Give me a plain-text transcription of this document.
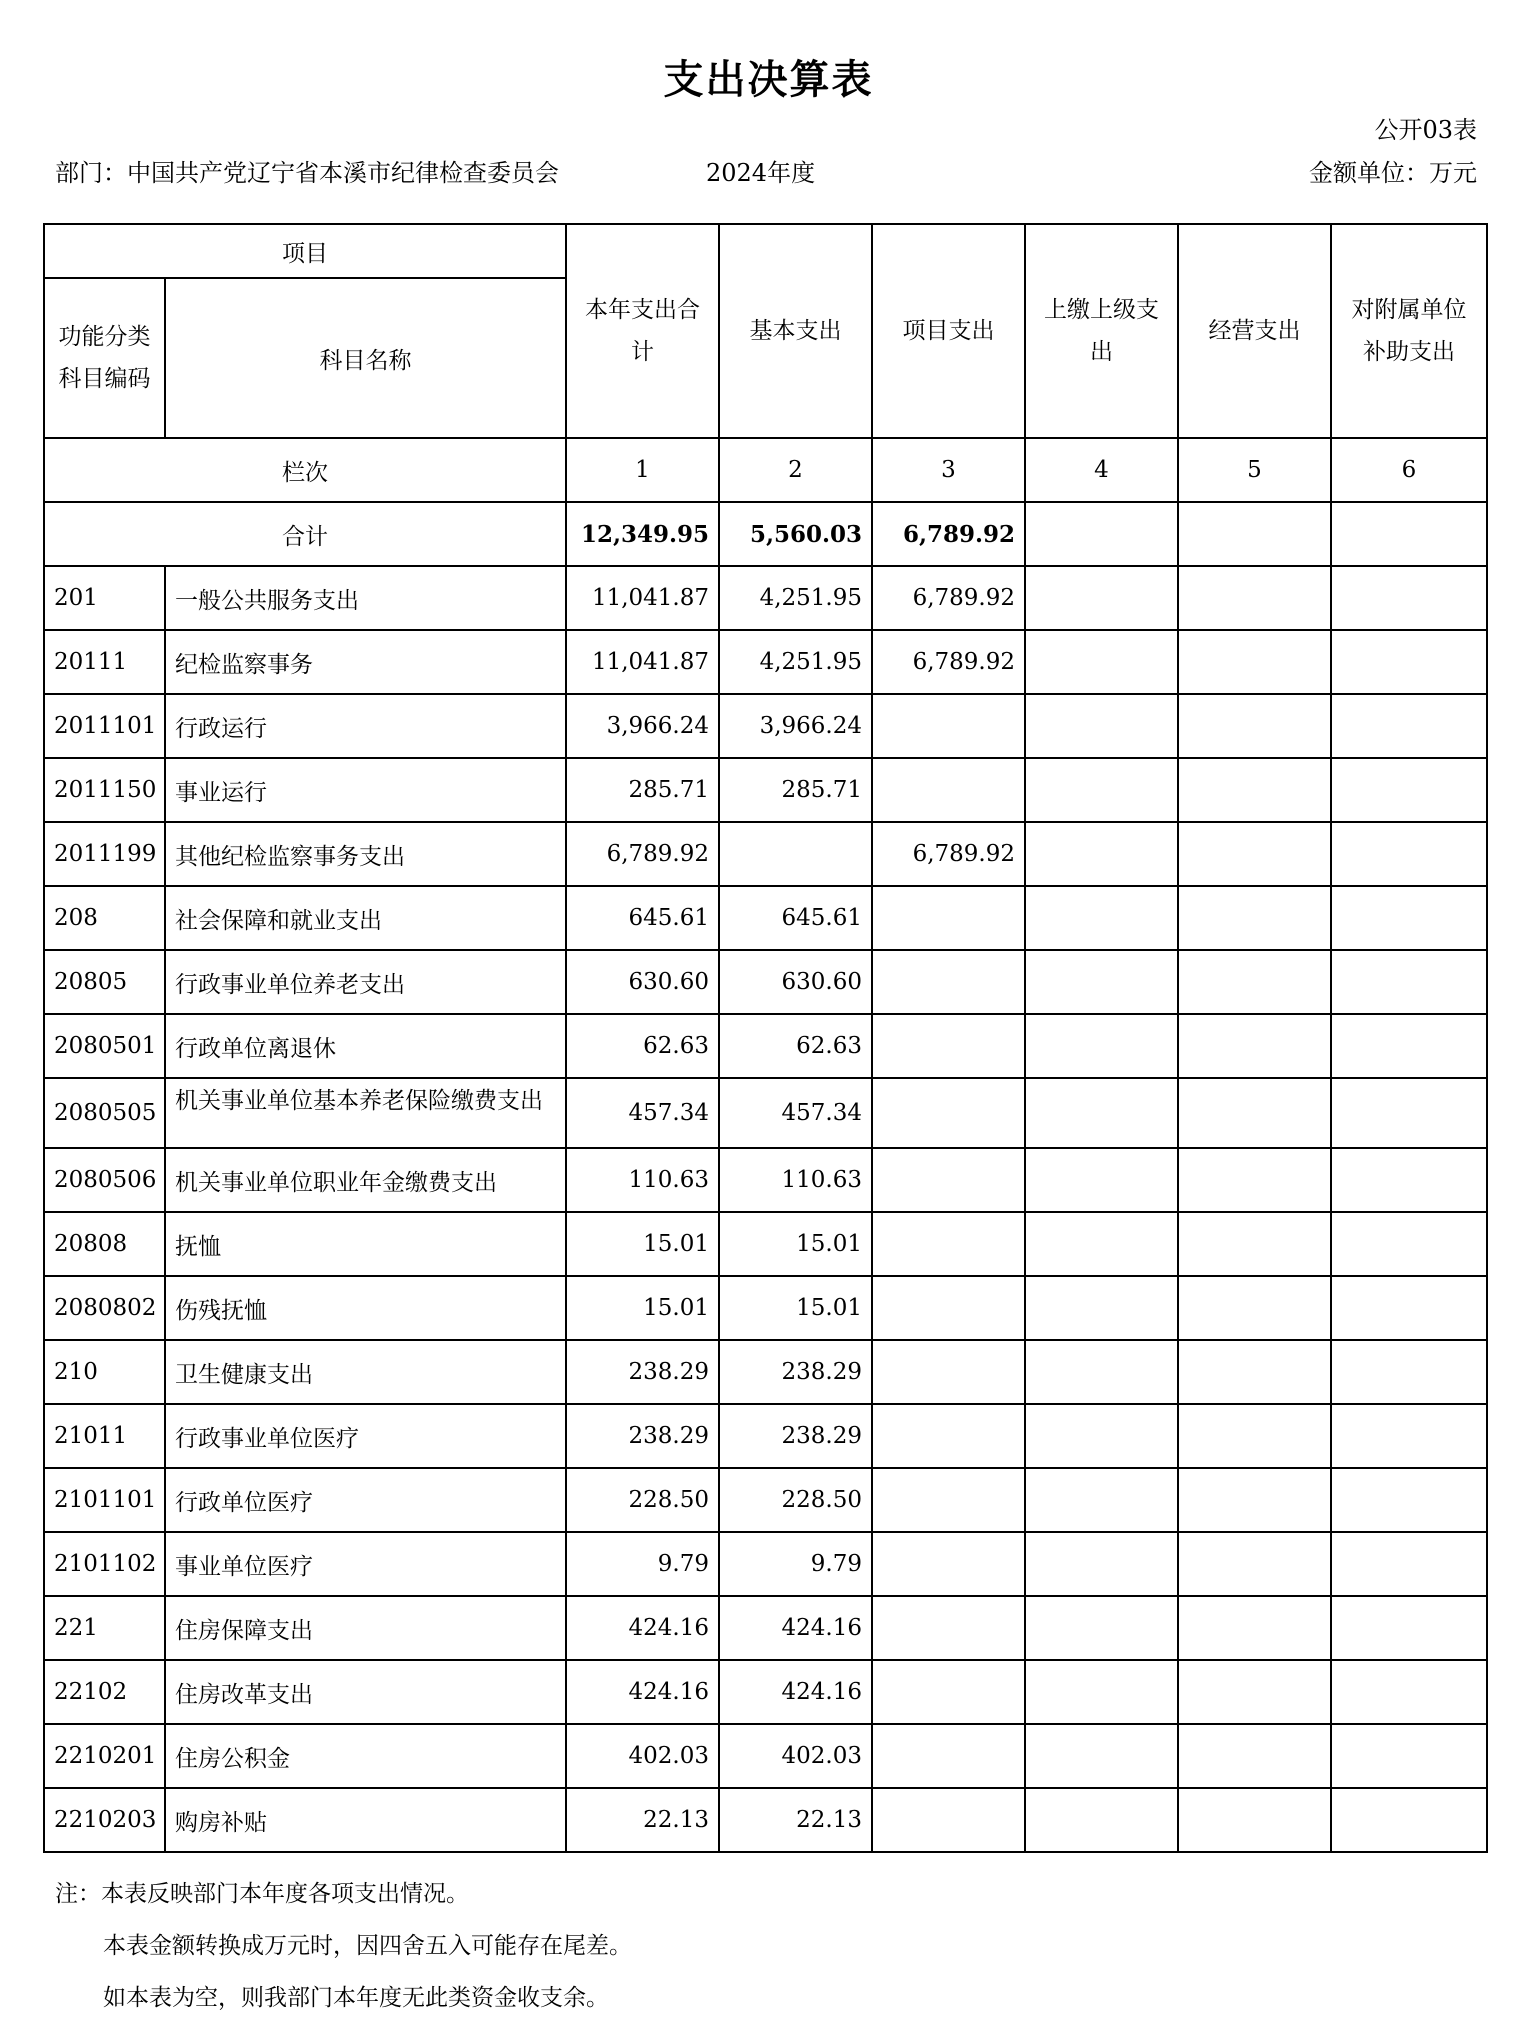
支出决算表
公开03表
部门：中国共产党辽宁省本溪市纪律检查委员会	2024年度	金额单位：万元
项目		本年支出合计	基本支出	项目支出	上缴上级支出	经营支出	对附属单位补助支出
功能分类科目编码	科目名称						
栏次		1	2	3	4	5	6
合计		12,349.95	5,560.03	6,789.92			
201	一般公共服务支出	11,041.87	4,251.95	6,789.92			
20111	纪检监察事务	11,041.87	4,251.95	6,789.92			
2011101	行政运行	3,966.24	3,966.24				
2011150	事业运行	285.71	285.71				
2011199	其他纪检监察事务支出	6,789.92		6,789.92			
208	社会保障和就业支出	645.61	645.61				
20805	行政事业单位养老支出	630.60	630.60				
2080501	行政单位离退休	62.63	62.63				
2080505	机关事业单位基本养老保险缴费支出	457.34	457.34				
2080506	机关事业单位职业年金缴费支出	110.63	110.63				
20808	抚恤	15.01	15.01				
2080802	伤残抚恤	15.01	15.01				
210	卫生健康支出	238.29	238.29				
21011	行政事业单位医疗	238.29	238.29				
2101101	行政单位医疗	228.50	228.50				
2101102	事业单位医疗	9.79	9.79				
221	住房保障支出	424.16	424.16				
22102	住房改革支出	424.16	424.16				
2210201	住房公积金	402.03	402.03				
2210203	购房补贴	22.13	22.13				
注：本表反映部门本年度各项支出情况。
本表金额转换成万元时，因四舍五入可能存在尾差。
如本表为空，则我部门本年度无此类资金收支余。
